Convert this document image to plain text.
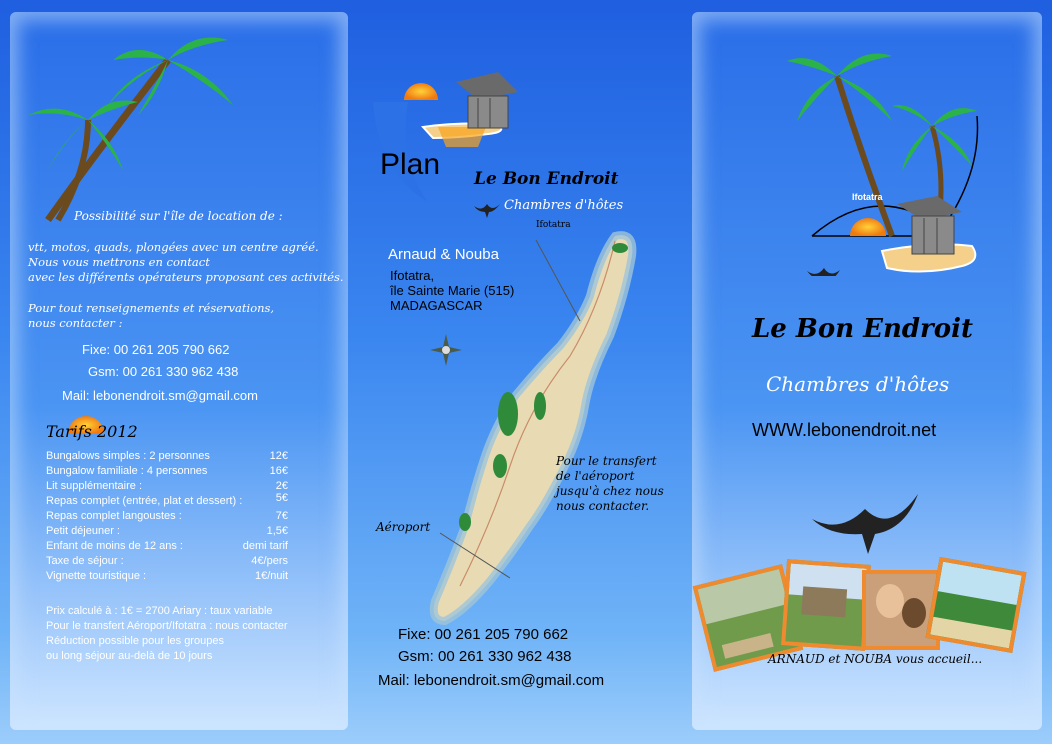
Possibilité sur l'île de location de :
vtt, motos, quads, plongées avec un centre agréé.
Nous vous mettrons en contact
avec les différents opérateurs proposant ces activités.
Pour tout renseignements et réservations,
nous contacter :
Fixe: 00 261 205 790 662
Gsm: 00 261 330 962 438
Mail: lebonendroit.sm@gmail.com
Tarifs 2012
Bungalows simples : 2 personnes	12€
Bungalow familiale : 4 personnes	16€
Lit supplémentaire :	2€
Repas complet (entrée, plat et dessert) :	5€
Repas complet langoustes :	7€
Petit déjeuner :	1,5€
Enfant de moins de 12 ans :	demi tarif
Taxe de séjour :	4€/pers
Vignette touristique :	1€/nuit
Prix calculé à : 1€ = 2700 Ariary : taux variable
Pour le transfert Aéroport/Ifotatra : nous contacter
Réduction possible pour les groupes
ou long séjour au-delà de 10 jours
Plan Le Bon Endroit
Chambres d'hôtes
Ifotatra
Arnaud & Nouba
Ifotatra,
île Sainte Marie (515)
MADAGASCAR
Pour le transfert
de l'aéroport
jusqu'à chez nous
nous contacter.
Aéroport
Fixe: 00 261 205 790 662
Gsm: 00 261 330 962 438
Mail: lebonendroit.sm@gmail.com
Ifotatra
Le Bon Endroit
Chambres d'hôtes
WWW.lebonendroit.net
ARNAUD et NOUBA vous accueil...
